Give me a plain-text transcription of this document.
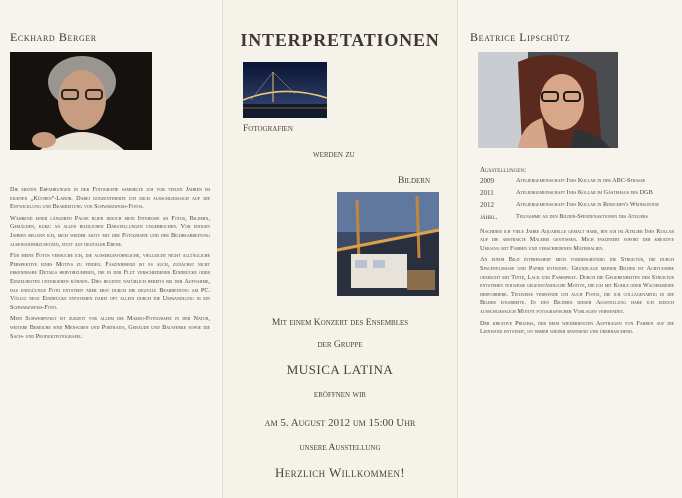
Eckhard Berger

Die ersten Erfahrungen in der Fotografie sammelte ich vor vielen Jahren im eigenen „Küchen“-Labor. Dabei konzentrierte ich mich ausschliesslich auf die Entwicklung und Bearbeitung von Schwarzweiss-Fotos.

Während einer längeren Pause blieb jedoch mein Interesse an Fotos, Bildern, Gemälden, kurz: an allen bildlichen Darstellungen ungebrochen. Vor einigen Jahren begann ich, mich wieder aktiv mit der Fotografie und der Bildbearbeitung auseinanderzusetzen, jetzt auf digitaler Ebene.

Für meine Fotos versuche ich, die aussergewöhnliche, vielleicht nicht alltägliche Perspektive eines Motivs zu finden. Faszinierend ist es auch, zunächst nicht erkennbare Details hervorzuheben, die in der Flut verschiedener Eindrücke oder Einzelheiten untergehen können. Dies beginnt natürlich bereits bei der Aufnahme, das endgültige Foto entsteht aber erst durch die digitale Bearbeitung am PC. Völlig neue Eindrücke entstehen dabei oft allein durch die Umwandlung in ein Schwarzweiss-Foto.

Mein Schwerpunkt ist zurzeit vor allem die Makro-Fotografie in der Natur, weitere Bereiche sind Menschen und Portraits, Gebäude und Bauwerke sowie die Sach- und Produktfotografie.

INTERPRETATIONEN

Fotografien

werden zu

Bildern

Mit einem Konzert des Ensembles

der Gruppe

MUSICA LATINA

eröffnen wir

am 5. August 2012 um 15:00 Uhr

unsere Ausstellung

Herzlich Willkommen!

Beatrice Lipschütz

Ausstellungen:

2009	Ateliergemeinschaft Ines Kollar in der ABC-Strasse
2011	Ateliergemeinschaft Ines Kollar im Gästehaus des DGB
2012	Ateliergemeinschaft Ines Kollar in Rindchen's Weinkontor
jährl.	Teilnahme an den Bilder-Spendenaktionen des Ateliers

Nachdem ich viele Jahre Aquarelle gemalt habe, bin ich im Atelier Ines Kollar auf die abstrakte Malerei gestossen. Mich fasziniert sofort der kreative Umgang mit Farben und verschiedenen Materialien.

An einem Bild interessiert mich vordergründig die Struktur, die durch Spachtelmasse und Papier entsteht. Grundlage meiner Bilder ist Acrylfarbe gemischt mit Tinte, Lack und Farbspray. Durch die Gegebenheiten der Struktur entstehen teilweise gegenständliche Motive, die ich mit Kohle oder Wachskreide hervorhebe. Teilweise verwende ich auch Fotos, die ich collagenartig in die Bilder einarbeite. In den Bildern dieser Ausstellung habe ich jedoch ausschliesslich Motive fotografischer Vorlagen verwendet.

Der kreative Prozess, der beim wiederholten Auftragen von Farben auf die Leinwand entsteht, ist immer wieder spannend und überraschend.
